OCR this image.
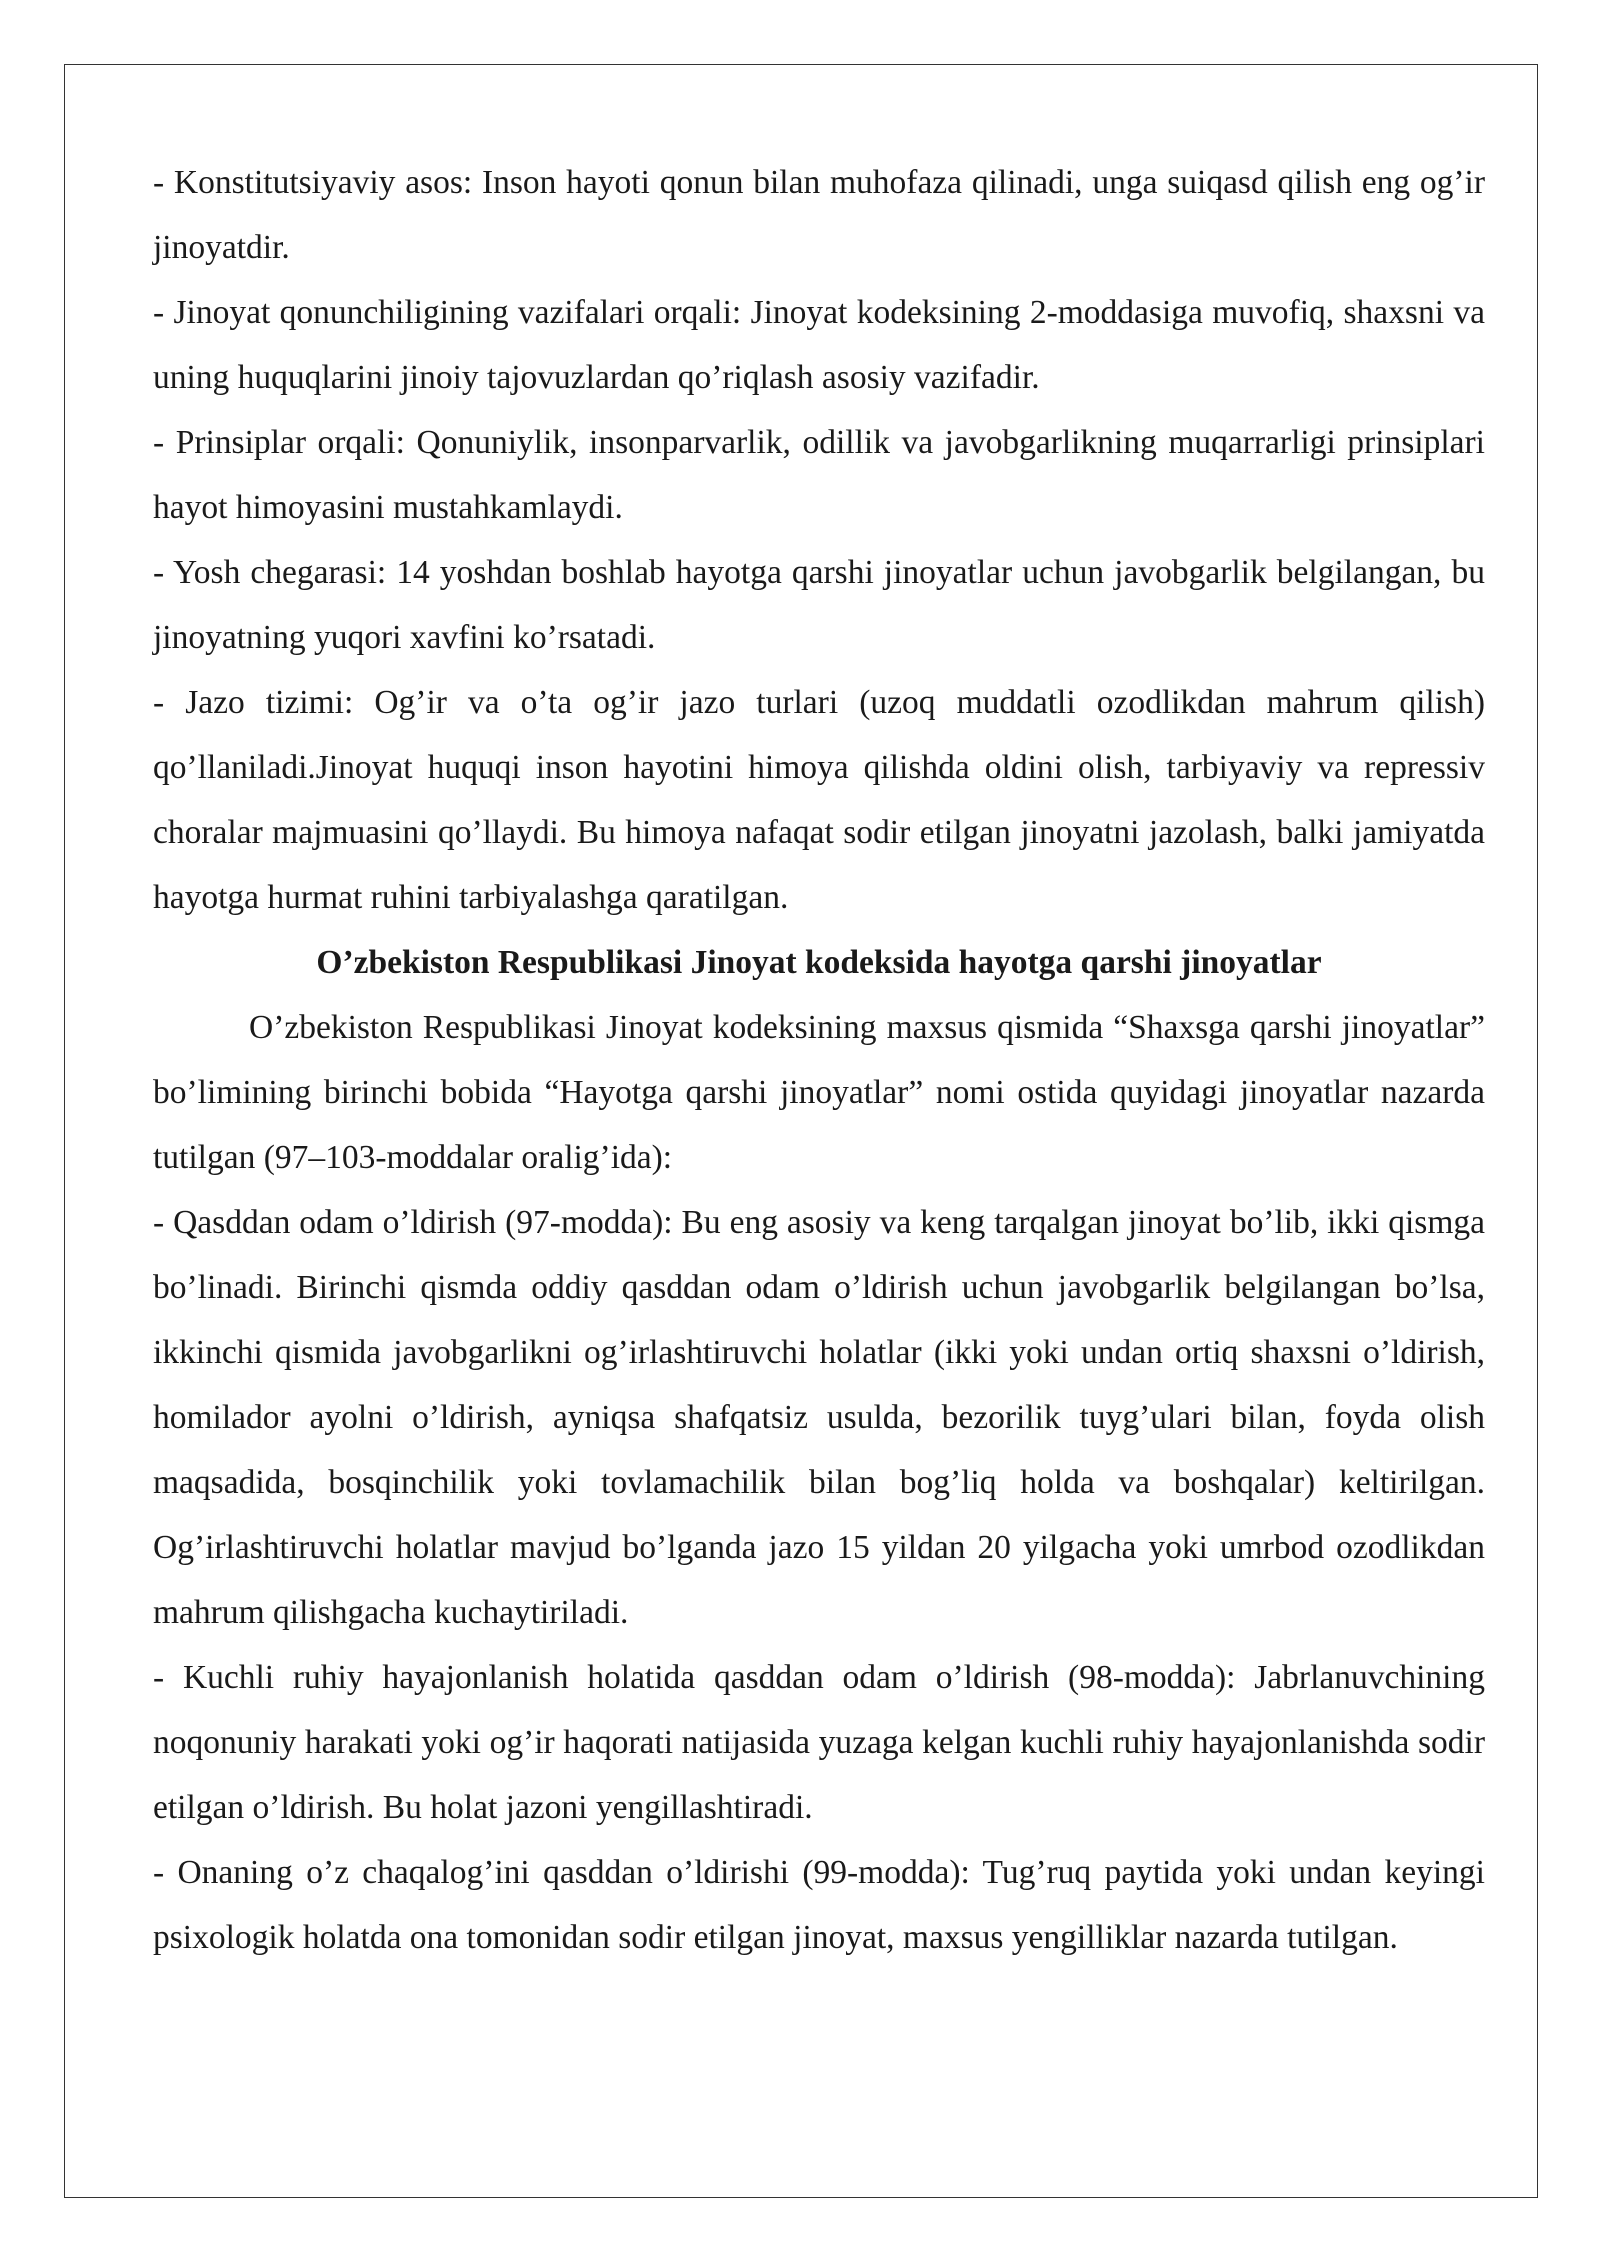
- Konstitutsiyaviy asos: Inson hayoti qonun bilan muhofaza qilinadi, unga suiqasd qilish eng og’ir jinoyatdir.

- Jinoyat qonunchiligining vazifalari orqali: Jinoyat kodeksining 2-moddasiga muvofiq, shaxsni va uning huquqlarini jinoiy tajovuzlardan qo’riqlash asosiy vazifadir.

- Prinsiplar orqali: Qonuniylik, insonparvarlik, odillik va javobgarlikning muqarrarligi prinsiplari hayot himoyasini mustahkamlaydi.

- Yosh chegarasi: 14 yoshdan boshlab hayotga qarshi jinoyatlar uchun javobgarlik belgilangan, bu jinoyatning yuqori xavfini ko’rsatadi.

- Jazo tizimi: Og’ir va o’ta og’ir jazo turlari (uzoq muddatli ozodlikdan mahrum qilish) qo’llaniladi.Jinoyat huquqi inson hayotini himoya qilishda oldini olish, tarbiyaviy va repressiv choralar majmuasini qo’llaydi. Bu himoya nafaqat sodir etilgan jinoyatni jazolash, balki jamiyatda hayotga hurmat ruhini tarbiyalashga qaratilgan.

O’zbekiston Respublikasi Jinoyat kodeksida hayotga qarshi jinoyatlar

O’zbekiston Respublikasi Jinoyat kodeksining maxsus qismida “Shaxsga qarshi jinoyatlar” bo’limining birinchi bobida “Hayotga qarshi jinoyatlar” nomi ostida quyidagi jinoyatlar nazarda tutilgan (97–103-moddalar oralig’ida):

- Qasddan odam o’ldirish (97-modda): Bu eng asosiy va keng tarqalgan jinoyat bo’lib, ikki qismga bo’linadi. Birinchi qismda oddiy qasddan odam o’ldirish uchun javobgarlik belgilangan bo’lsa, ikkinchi qismida javobgarlikni og’irlashtiruvchi holatlar (ikki yoki undan ortiq shaxsni o’ldirish, homilador ayolni o’ldirish, ayniqsa shafqatsiz usulda, bezorilik tuyg’ulari bilan, foyda olish maqsadida, bosqinchilik yoki tovlamachilik bilan bog’liq holda va boshqalar) keltirilgan. Og’irlashtiruvchi holatlar mavjud bo’lganda jazo 15 yildan 20 yilgacha yoki umrbod ozodlikdan mahrum qilishgacha kuchaytiriladi.

- Kuchli ruhiy hayajonlanish holatida qasddan odam o’ldirish (98-modda): Jabrlanuvchining noqonuniy harakati yoki og’ir haqorati natijasida yuzaga kelgan kuchli ruhiy hayajonlanishda sodir etilgan o’ldirish. Bu holat jazoni yengillashtiradi.

- Onaning o’z chaqalog’ini qasddan o’ldirishi (99-modda): Tug’ruq paytida yoki undan keyingi psixologik holatda ona tomonidan sodir etilgan jinoyat, maxsus yengilliklar nazarda tutilgan.
